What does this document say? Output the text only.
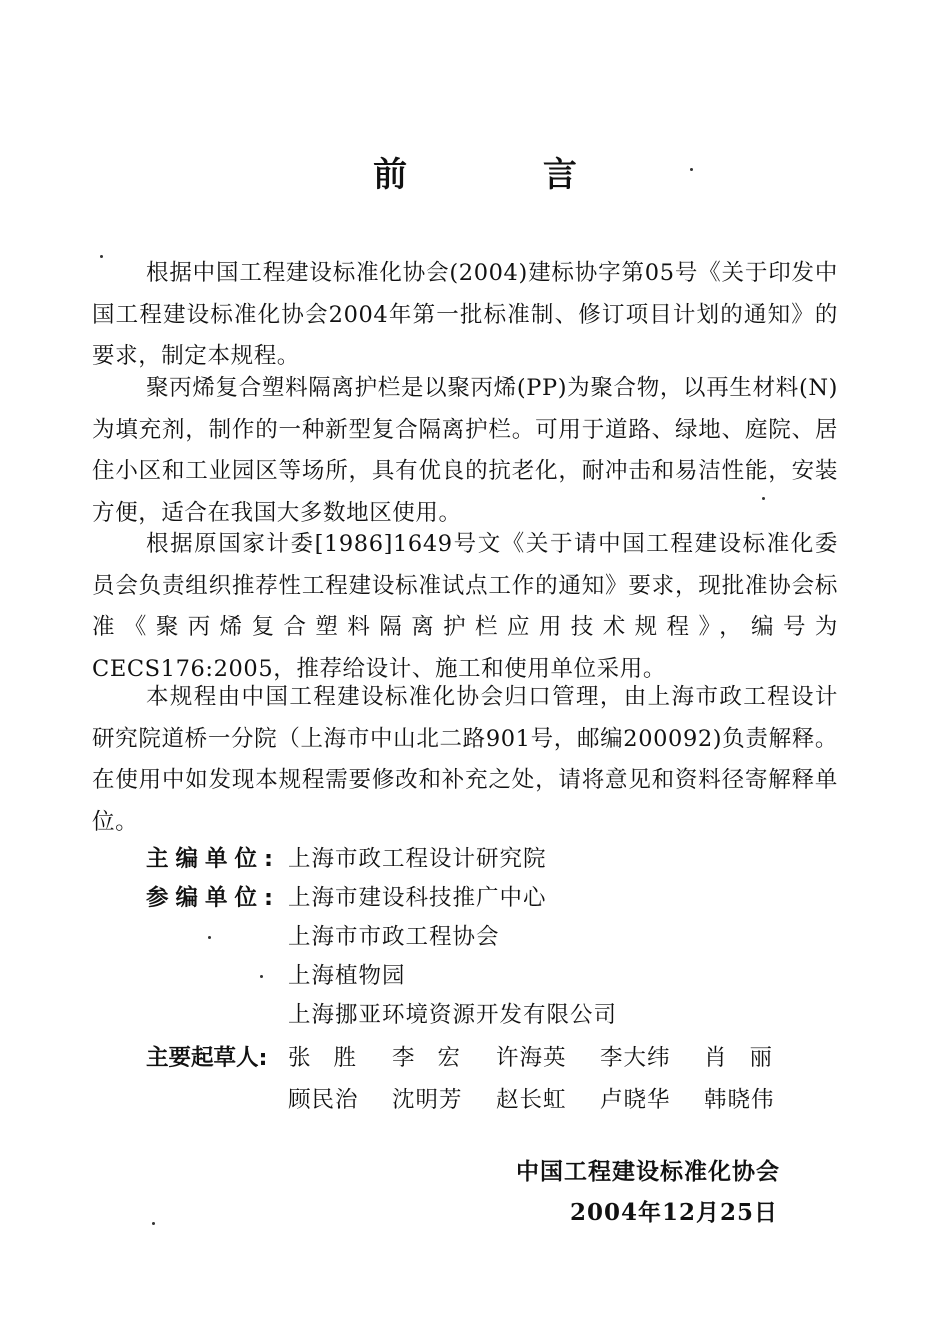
前 言

根据中国工程建设标准化协会(2004)建标协字第05号《关于印发中国工程建设标准化协会2004年第一批标准制、修订项目计划的通知》的要求，制定本规程。

聚丙烯复合塑料隔离护栏是以聚丙烯(PP)为聚合物，以再生材料(N)为填充剂，制作的一种新型复合隔离护栏。可用于道路、绿地、庭院、居住小区和工业园区等场所，具有优良的抗老化，耐冲击和易洁性能，安装方便，适合在我国大多数地区使用。

根据原国家计委[1986]1649号文《关于请中国工程建设标准化委员会负责组织推荐性工程建设标准试点工作的通知》要求，现批准协会标准《聚丙烯复合塑料隔离护栏应用技术规程》，编号为CECS176:2005，推荐给设计、施工和使用单位采用。

本规程由中国工程建设标准化协会归口管理，由上海市政工程设计研究院道桥一分院（上海市中山北二路901号，邮编200092)负责解释。在使用中如发现本规程需要修改和补充之处，请将意见和资料径寄解释单位。

主编单位: 上海市政工程设计研究院
参编单位: 上海市建设科技推广中心
上海市市政工程协会
上海植物园
上海挪亚环境资源开发有限公司
主要起草人: 张胜 李宏 许海英	李大纬	肖丽
顾民治	沈明芳	赵长虹	卢晓华	韩晓伟
中国工程建设标准化协会
2004年12月25日
